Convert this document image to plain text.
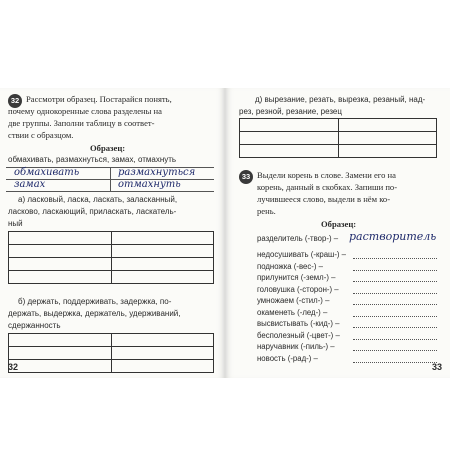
32 Рассмотри образец. Постарайся понять,
почему однокоренные слова разделены на
две группы. Заполни таблицу в соответ-
ствии с образцом.
Образец:
обмахивать, размахнуться, замах, отмахнуть
обмахивать	размахнуться
замах	отмахнуть
а) ласковый, ласка, ласкать, заласканный,
ласково, ласкающий, приласкать, ласкатель-
ный

б) держать, поддерживать, задержка, по-
держать, выдержка, держатель, удерживаний,
сдержанность

32
д) вырезание, резать, вырезка, резаный, над-
рез, резной, резание, резец

33 Выдели корень в слове. Замени его на
корень, данный в скобках. Запиши по-
лучившееся слово, выдели в нём ко-
рень.
Образец:
разделитель (-твор-) – растворитель
недосушивать (-краш-) –
подножка (-вес-) –
прилунится (-земл-) –
головушка (-сторон-) –
умножаем (-стил-) –
окаменеть (-лед-) –
высвистывать (-кид-) –
бесполезный (-цвет-) –
наручавник (-пиль-) –
новость (-рад-) –
33
